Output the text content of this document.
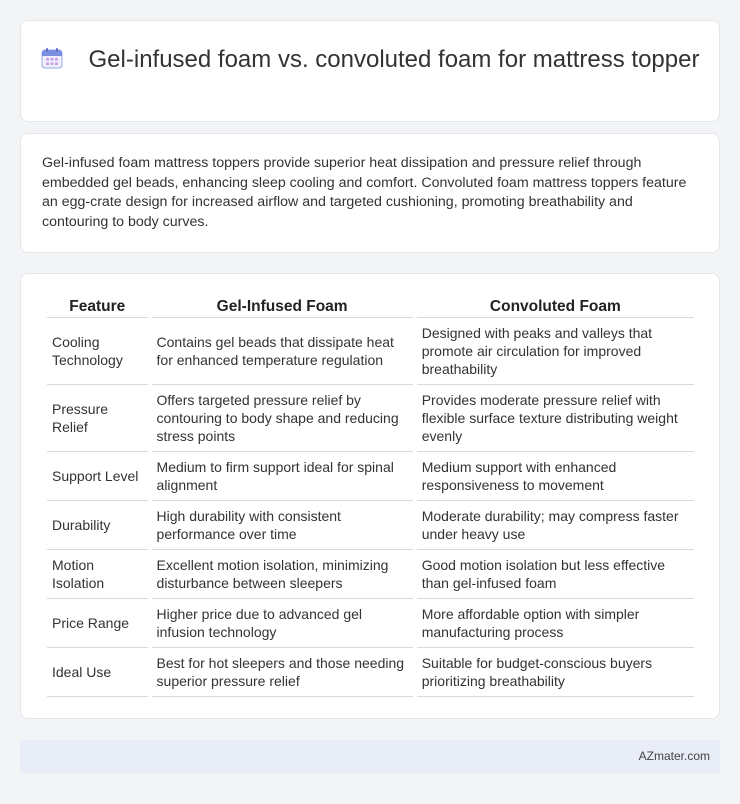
Gel-infused foam vs. convoluted foam for mattress topper

Gel-infused foam mattress toppers provide superior heat dissipation and pressure relief through embedded gel beads, enhancing sleep cooling and comfort. Convoluted foam mattress toppers feature an egg-crate design for increased airflow and targeted cushioning, promoting breathability and contouring to body curves.

Feature	Gel-Infused Foam	Convoluted Foam
Cooling Technology	Contains gel beads that dissipate heat for enhanced temperature regulation	Designed with peaks and valleys that promote air circulation for improved breathability
Pressure Relief	Offers targeted pressure relief by contouring to body shape and reducing stress points	Provides moderate pressure relief with flexible surface texture distributing weight evenly
Support Level	Medium to firm support ideal for spinal alignment	Medium support with enhanced responsiveness to movement
Durability	High durability with consistent performance over time	Moderate durability; may compress faster under heavy use
Motion Isolation	Excellent motion isolation, minimizing disturbance between sleepers	Good motion isolation but less effective than gel-infused foam
Price Range	Higher price due to advanced gel infusion technology	More affordable option with simpler manufacturing process
Ideal Use	Best for hot sleepers and those needing superior pressure relief	Suitable for budget-conscious buyers prioritizing breathability
AZmater.com
